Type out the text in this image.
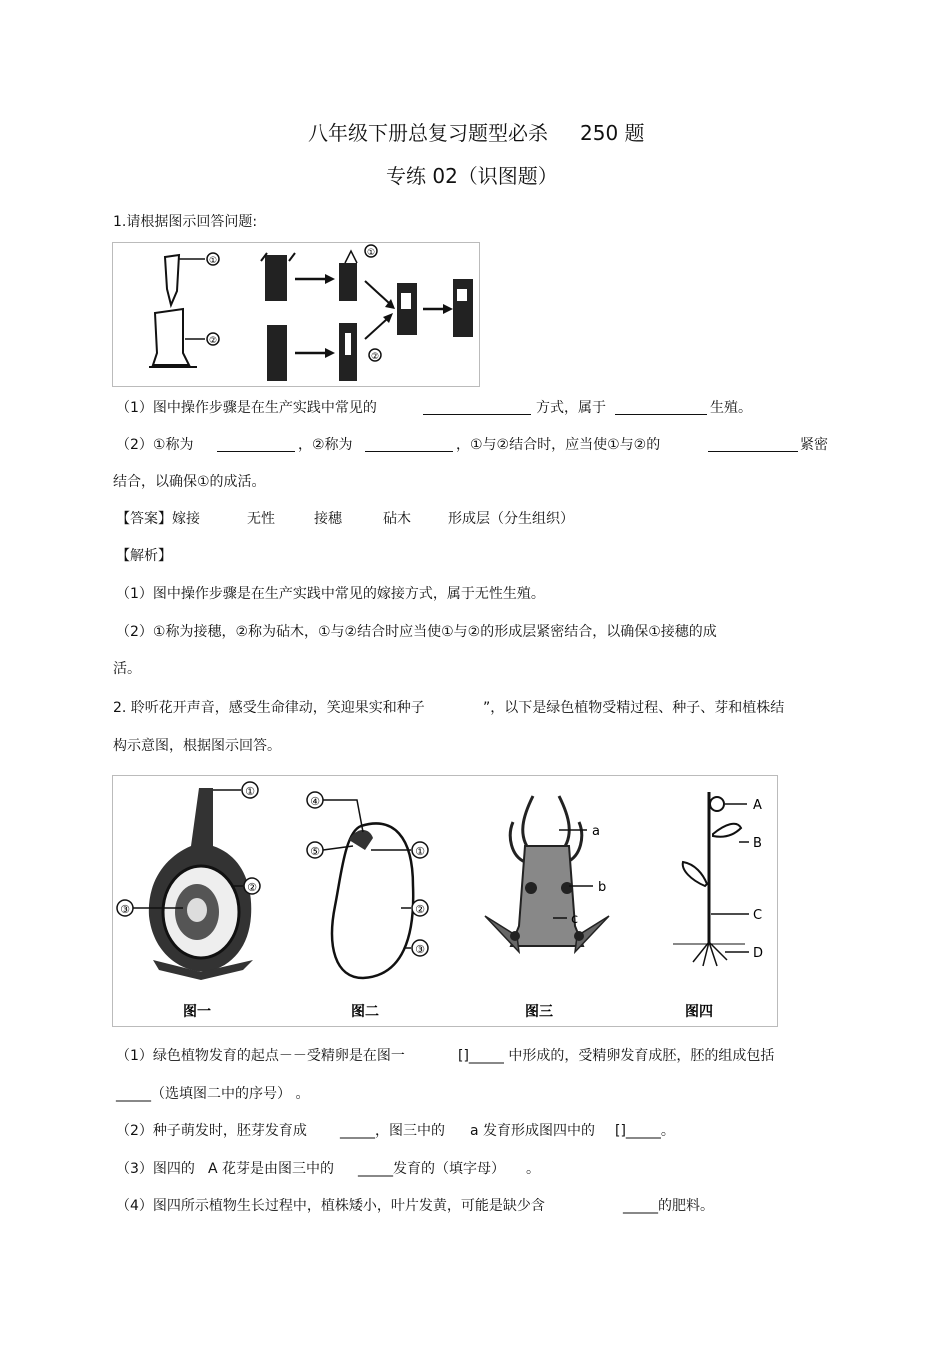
八年级下册总复习题型必杀 250 题
专练 02（识图题）
1.请根据图示回答问题:
①
②
①
②
（1）图中操作步骤是在生产实践中常见的	方式，属于	生殖。
（2）①称为	，②称为	，①与②结合时，应当使①与②的	紧密
结合，以确保①的成活。
【答案】 嫁接	无性	接穗	砧木	形成层（分生组织）
【解析】
（1）图中操作步骤是在生产实践中常见的嫁接方式，属于无性生殖。
（2）①称为接穗，②称为砧木，①与②结合时应当使①与②的形成层紧密结合，以确保①接穗的成
活。
2. 聆听花开声音，感受生命律动，笑迎果实和种子	”，以下是绿色植物受精过程、种子、芽和植株结
构示意图，根据图示回答。
①
②
③
图一
④
⑤	①
②
③
图二
a
b
c
图三
A
B
C
D
图四
（1）绿色植物发育的起点－－受精卵是在图一	[]_____ 中形成的，受精卵发育成胚，胚的组成包括
_____（选填图二中的序号） 。
（2）种子萌发时，胚芽发育成 _____，图三中的 a 发育形成图四中的 []_____。
（3）图四的 A 花芽是由图三中的 _____发育的（填字母） 。
（4）图四所示植物生长过程中，植株矮小，叶片发黄，可能是缺少含	_____的肥料。
